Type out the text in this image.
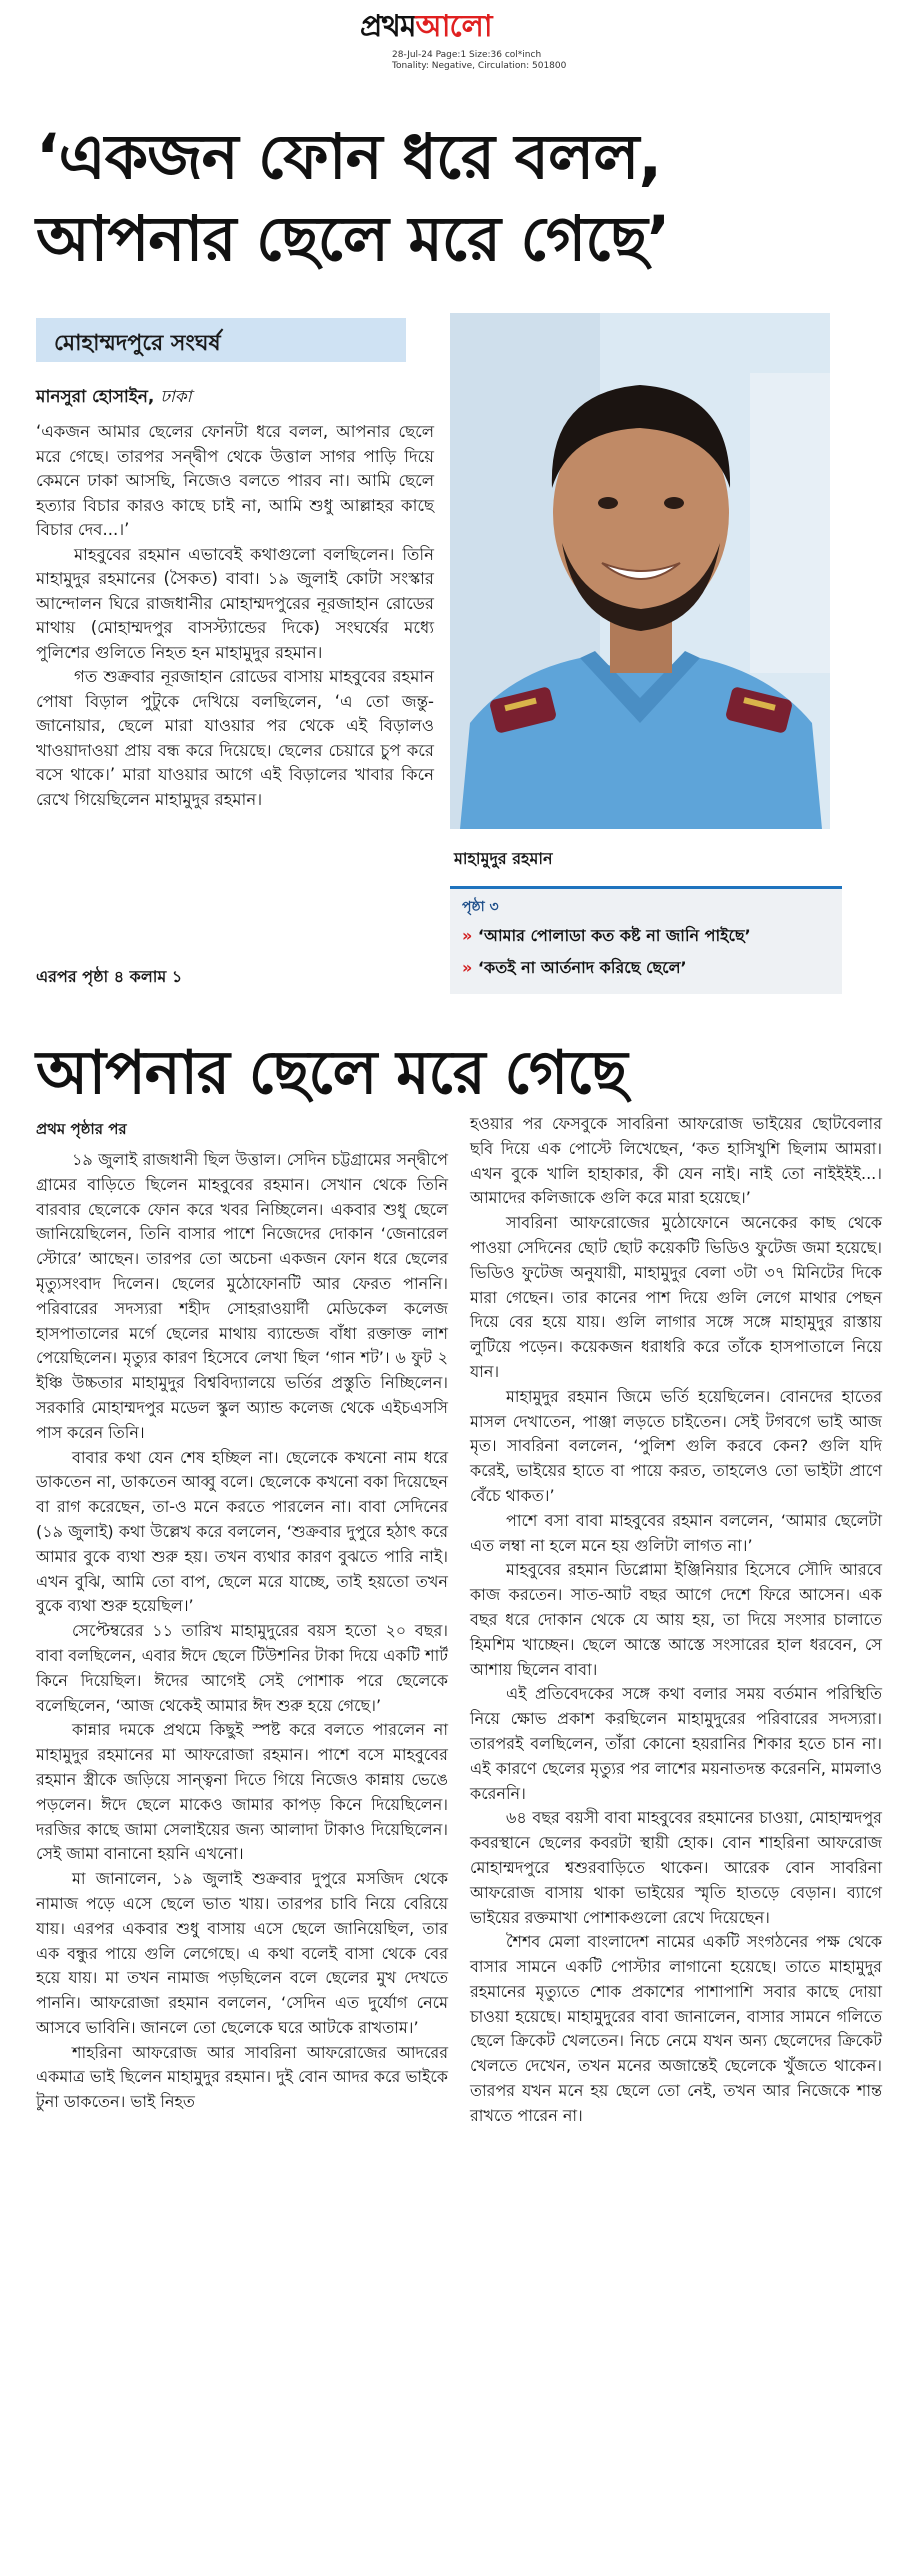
প্রথম আলো
28-Jul-24 Page:1 Size:36 col*inch
Tonality: Negative, Circulation: 501800
‘একজন ফোন ধরে বলল,
আপনার ছেলে মরে গেছে’
মোহাম্মদপুরে সংঘর্ষ
মানসুরা হোসাইন, ঢাকা

‘একজন আমার ছেলের ফোনটা ধরে বলল, আপনার ছেলে মরে গেছে। তারপর সন্দ্বীপ থেকে উত্তাল সাগর পাড়ি দিয়ে কেমনে ঢাকা আসছি, নিজেও বলতে পারব না। আমি ছেলে হত্যার বিচার কারও কাছে চাই না, আমি শুধু আল্লাহর কাছে বিচার দেব...।’

মাহবুবের রহমান এভাবেই কথাগুলো বলছিলেন। তিনি মাহামুদুর রহমানের (সৈকত) বাবা। ১৯ জুলাই কোটা সংস্কার আন্দোলন ঘিরে রাজধানীর মোহাম্মদপুরের নূরজাহান রোডের মাথায় (মোহাম্মদপুর বাসস্ট্যান্ডের দিকে) সংঘর্ষের মধ্যে পুলিশের গুলিতে নিহত হন মাহামুদুর রহমান।

গত শুক্রবার নূরজাহান রোডের বাসায় মাহবুবের রহমান পোষা বিড়াল পুটুকে দেখিয়ে বলছিলেন, ‘এ তো জন্তু-জানোয়ার, ছেলে মারা যাওয়ার পর থেকে এই বিড়ালও খাওয়াদাওয়া প্রায় বন্ধ করে দিয়েছে। ছেলের চেয়ারে চুপ করে বসে থাকে।’ মারা যাওয়ার আগে এই বিড়ালের খাবার কিনে রেখে গিয়েছিলেন মাহামুদুর রহমান।

মাহামুদুর রহমান
পৃষ্ঠা ৩
» ‘আমার পোলাডা কত কষ্ট না জানি পাইছে’
» ‘কতই না আর্তনাদ করিছে ছেলে’
এরপর পৃষ্ঠা ৪ কলাম ১
আপনার ছেলে মরে গেছে
প্রথম পৃষ্ঠার পর

১৯ জুলাই রাজধানী ছিল উত্তাল। সেদিন চট্টগ্রামের সন্দ্বীপে গ্রামের বাড়িতে ছিলেন মাহবুবের রহমান। সেখান থেকে তিনি বারবার ছেলেকে ফোন করে খবর নিচ্ছিলেন। একবার শুধু ছেলে জানিয়েছিলেন, তিনি বাসার পাশে নিজেদের দোকান ‘জেনারেল স্টোরে’ আছেন। তারপর তো অচেনা একজন ফোন ধরে ছেলের মৃত্যুসংবাদ দিলেন। ছেলের মুঠোফোনটি আর ফেরত পাননি। পরিবারের সদস্যরা শহীদ সোহরাওয়ার্দী মেডিকেল কলেজ হাসপাতালের মর্গে ছেলের মাথায় ব্যান্ডেজ বাঁধা রক্তাক্ত লাশ পেয়েছিলেন। মৃত্যুর কারণ হিসেবে লেখা ছিল ‘গান শট’। ৬ ফুট ২ ইঞ্চি উচ্চতার মাহামুদুর বিশ্ববিদ্যালয়ে ভর্তির প্রস্তুতি নিচ্ছিলেন। সরকারি মোহাম্মদপুর মডেল স্কুল অ্যান্ড কলেজ থেকে এইচএসসি পাস করেন তিনি।

বাবার কথা যেন শেষ হচ্ছিল না। ছেলেকে কখনো নাম ধরে ডাকতেন না, ডাকতেন আব্বু বলে। ছেলেকে কখনো বকা দিয়েছেন বা রাগ করেছেন, তা-ও মনে করতে পারলেন না। বাবা সেদিনের (১৯ জুলাই) কথা উল্লেখ করে বললেন, ‘শুক্রবার দুপুরে হঠাৎ করে আমার বুকে ব্যথা শুরু হয়। তখন ব্যথার কারণ বুঝতে পারি নাই। এখন বুঝি, আমি তো বাপ, ছেলে মরে যাচ্ছে, তাই হয়তো তখন বুকে ব্যথা শুরু হয়েছিল।’

সেপ্টেম্বরের ১১ তারিখ মাহামুদুরের বয়স হতো ২০ বছর। বাবা বলছিলেন, এবার ঈদে ছেলে টিউশনির টাকা দিয়ে একটি শার্ট কিনে দিয়েছিল। ঈদের আগেই সেই পোশাক পরে ছেলেকে বলেছিলেন, ‘আজ থেকেই আমার ঈদ শুরু হয়ে গেছে।’

কান্নার দমকে প্রথমে কিছুই স্পষ্ট করে বলতে পারলেন না মাহামুদুর রহমানের মা আফরোজা রহমান। পাশে বসে মাহবুবের রহমান স্ত্রীকে জড়িয়ে সান্ত্বনা দিতে গিয়ে নিজেও কান্নায় ভেঙে পড়লেন। ঈদে ছেলে মাকেও জামার কাপড় কিনে দিয়েছিলেন। দরজির কাছে জামা সেলাইয়ের জন্য আলাদা টাকাও দিয়েছিলেন। সেই জামা বানানো হয়নি এখনো।

মা জানালেন, ১৯ জুলাই শুক্রবার দুপুরে মসজিদ থেকে নামাজ পড়ে এসে ছেলে ভাত খায়। তারপর চাবি নিয়ে বেরিয়ে যায়। এরপর একবার শুধু বাসায় এসে ছেলে জানিয়েছিল, তার এক বন্ধুর পায়ে গুলি লেগেছে। এ কথা বলেই বাসা থেকে বের হয়ে যায়। মা তখন নামাজ পড়ছিলেন বলে ছেলের মুখ দেখতে পাননি। আফরোজা রহমান বললেন, ‘সেদিন এত দুর্যোগ নেমে আসবে ভাবিনি। জানলে তো ছেলেকে ঘরে আটকে রাখতাম।’

শাহরিনা আফরোজ আর সাবরিনা আফরোজের আদরের একমাত্র ভাই ছিলেন মাহামুদুর রহমান। দুই বোন আদর করে ভাইকে টুনা ডাকতেন। ভাই নিহত

হওয়ার পর ফেসবুকে সাবরিনা আফরোজ ভাইয়ের ছোটবেলার ছবি দিয়ে এক পোস্টে লিখেছেন, ‘কত হাসিখুশি ছিলাম আমরা। এখন বুকে খালি হাহাকার, কী যেন নাই। নাই তো নাইইইই...। আমাদের কলিজাকে গুলি করে মারা হয়েছে।’

সাবরিনা আফরোজের মুঠোফোনে অনেকের কাছ থেকে পাওয়া সেদিনের ছোট ছোট কয়েকটি ভিডিও ফুটেজ জমা হয়েছে। ভিডিও ফুটেজ অনুযায়ী, মাহামুদুর বেলা ৩টা ৩৭ মিনিটের দিকে মারা গেছেন। তার কানের পাশ দিয়ে গুলি লেগে মাথার পেছন দিয়ে বের হয়ে যায়। গুলি লাগার সঙ্গে সঙ্গে মাহামুদুর রাস্তায় লুটিয়ে পড়েন। কয়েকজন ধরাধরি করে তাঁকে হাসপাতালে নিয়ে যান।

মাহামুদুর রহমান জিমে ভর্তি হয়েছিলেন। বোনদের হাতের মাসল দেখাতেন, পাঞ্জা লড়তে চাইতেন। সেই টগবগে ভাই আজ মৃত। সাবরিনা বললেন, ‘পুলিশ গুলি করবে কেন? গুলি যদি করেই, ভাইয়ের হাতে বা পায়ে করত, তাহলেও তো ভাইটা প্রাণে বেঁচে থাকত।’

পাশে বসা বাবা মাহবুবের রহমান বললেন, ‘আমার ছেলেটা এত লম্বা না হলে মনে হয় গুলিটা লাগত না।’

মাহবুবের রহমান ডিপ্লোমা ইঞ্জিনিয়ার হিসেবে সৌদি আরবে কাজ করতেন। সাত-আট বছর আগে দেশে ফিরে আসেন। এক বছর ধরে দোকান থেকে যে আয় হয়, তা দিয়ে সংসার চালাতে হিমশিম খাচ্ছেন। ছেলে আস্তে আস্তে সংসারের হাল ধরবেন, সে আশায় ছিলেন বাবা।

এই প্রতিবেদকের সঙ্গে কথা বলার সময় বর্তমান পরিস্থিতি নিয়ে ক্ষোভ প্রকাশ করছিলেন মাহামুদুরের পরিবারের সদস্যরা। তারপরই বলছিলেন, তাঁরা কোনো হয়রানির শিকার হতে চান না। এই কারণে ছেলের মৃত্যুর পর লাশের ময়নাতদন্ত করেননি, মামলাও করেননি।

৬৪ বছর বয়সী বাবা মাহবুবের রহমানের চাওয়া, মোহাম্মদপুর কবরস্থানে ছেলের কবরটা স্থায়ী হোক। বোন শাহরিনা আফরোজ মোহাম্মদপুরে শ্বশুরবাড়িতে থাকেন। আরেক বোন সাবরিনা আফরোজ বাসায় থাকা ভাইয়ের স্মৃতি হাতড়ে বেড়ান। ব্যাগে ভাইয়ের রক্তমাখা পোশাকগুলো রেখে দিয়েছেন।

শৈশব মেলা বাংলাদেশ নামের একটি সংগঠনের পক্ষ থেকে বাসার সামনে একটি পোস্টার লাগানো হয়েছে। তাতে মাহামুদুর রহমানের মৃত্যুতে শোক প্রকাশের পাশাপাশি সবার কাছে দোয়া চাওয়া হয়েছে। মাহামুদুরের বাবা জানালেন, বাসার সামনে গলিতে ছেলে ক্রিকেট খেলতেন। নিচে নেমে যখন অন্য ছেলেদের ক্রিকেট খেলতে দেখেন, তখন মনের অজান্তেই ছেলেকে খুঁজতে থাকেন। তারপর যখন মনে হয় ছেলে তো নেই, তখন আর নিজেকে শান্ত রাখতে পারেন না।
